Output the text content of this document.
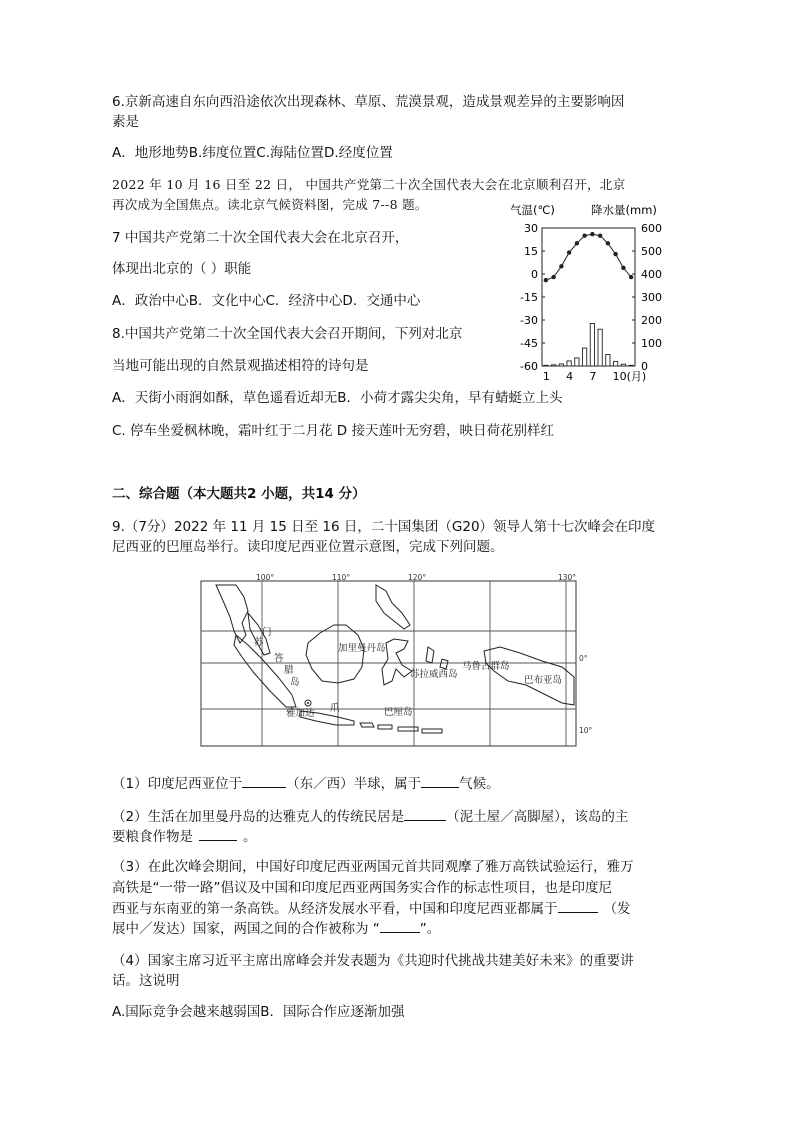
6.京新高速自东向西沿途依次出现森林、草原、荒漠景观，造成景观差异的主要影响因
素是
A．地形地势B.纬度位置C.海陆位置D.经度位置
2022 年 10 月 16 日至 22 日， 中国共产党第二十次全国代表大会在北京顺利召开，北京
再次成为全国焦点。读北京气候资料图，完成 7--8 题。
7 中国共产党第二十次全国代表大会在北京召开，
体现出北京的（ ）职能
A．政治中心B．文化中心C．经济中心D．交通中心
8.中国共产党第二十次全国代表大会召开期间，下列对北京
当地可能出现的自然景观描述相符的诗句是
A．天街小雨润如酥，草色遥看近却无B．小荷才露尖尖角，早有蜻蜓立上头
C. 停车坐爱枫林晚，霜叶红于二月花 D 接天莲叶无穷碧，映日荷花别样红
气温(℃)	降水量(mm)
30
15
0
-15
-30
-45
-60
600
500
400
300
200
100
0
1 4 7 10(月)
二、综合题（本大题共2 小题，共14 分）
9.（7分）2022 年 11 月 15 日至 16 日，二十国集团（G20）领导人第十七次峰会在印度
尼西亚的巴厘岛举行。读印度尼西亚位置示意图，完成下列问题。
100°	110°	120°	130°
0°
10°
苏
门
答
腊
岛
加里曼丹岛
苏拉威西岛
马鲁古群岛
巴布亚岛
雅加达 爪	巴厘岛
（1）印度尼西亚位于	（东／西）半球，属于	气候。
（2）生活在加里曼丹岛的达雅克人的传统民居是	（泥土屋／高脚屋），该岛的主
要粮食作物是	。
（3）在此次峰会期间，中国好印度尼西亚两国元首共同观摩了雅万高铁试验运行，雅万
高铁是“一带一路”倡议及中国和印度尼西亚两国务实合作的标志性项目，也是印度尼
西亚与东南亚的第一条高铁。从经济发展水平看，中国和印度尼西亚都属于	（发
展中／发达）国家，两国之间的合作被称为 “	”。
（4）国家主席习近平主席出席峰会并发表题为《共迎时代挑战共建美好未来》的重要讲
话。这说明
A.国际竞争会越来越弱国B．国际合作应逐渐加强
